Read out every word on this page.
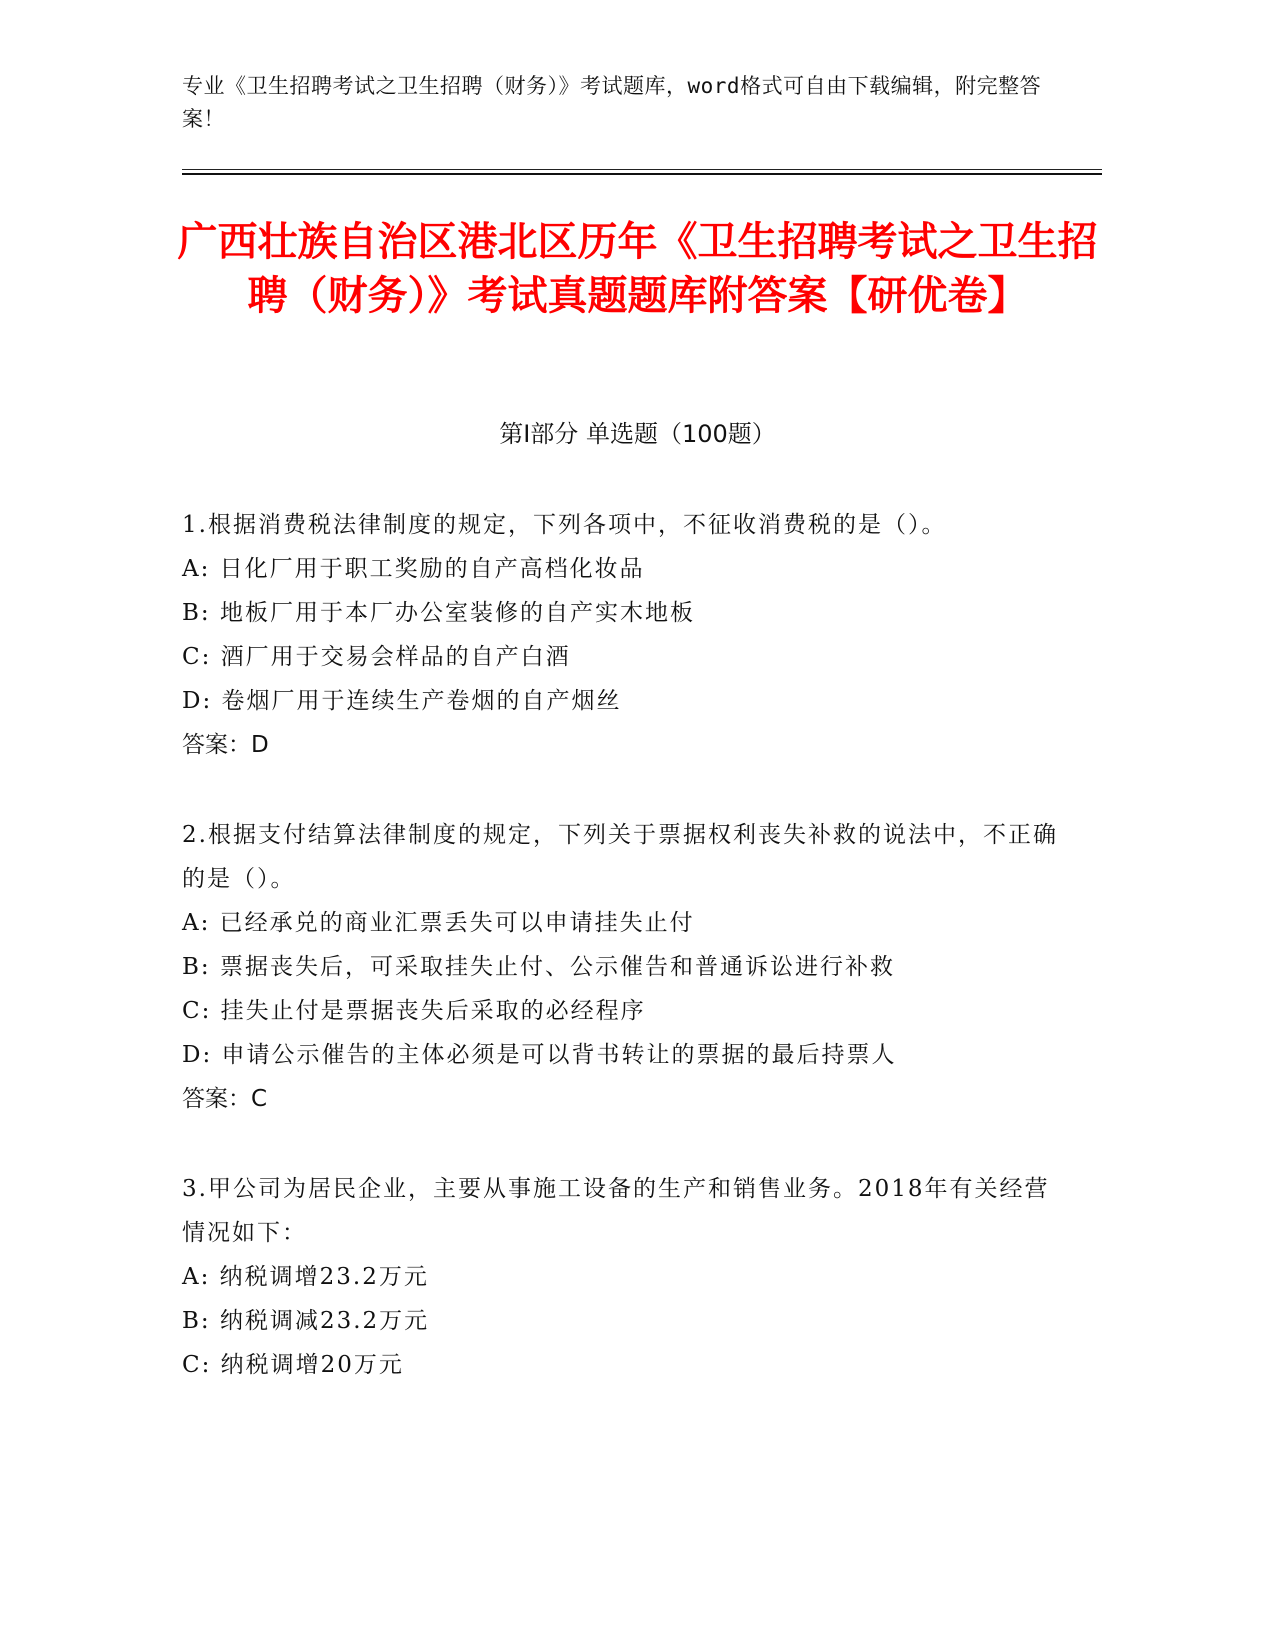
专业《卫生招聘考试之卫生招聘（财务）》考试题库，word格式可自由下载编辑，附完整答案！
广西壮族自治区港北区历年《卫生招聘考试之卫生招聘（财务）》考试真题题库附答案【研优卷】
第Ⅰ部分 单选题（100题）

1.根据消费税法律制度的规定，下列各项中，不征收消费税的是（）。

A: 日化厂用于职工奖励的自产高档化妆品

B: 地板厂用于本厂办公室装修的自产实木地板

C: 酒厂用于交易会样品的自产白酒

D: 卷烟厂用于连续生产卷烟的自产烟丝

答案：D

2.根据支付结算法律制度的规定，下列关于票据权利丧失补救的说法中，不正确的是（）。

A: 已经承兑的商业汇票丢失可以申请挂失止付

B: 票据丧失后，可采取挂失止付、公示催告和普通诉讼进行补救

C: 挂失止付是票据丧失后采取的必经程序

D: 申请公示催告的主体必须是可以背书转让的票据的最后持票人

答案：C

3.甲公司为居民企业，主要从事施工设备的生产和销售业务。2018年有关经营情况如下：

A: 纳税调增23.2万元

B: 纳税调减23.2万元

C: 纳税调增20万元
